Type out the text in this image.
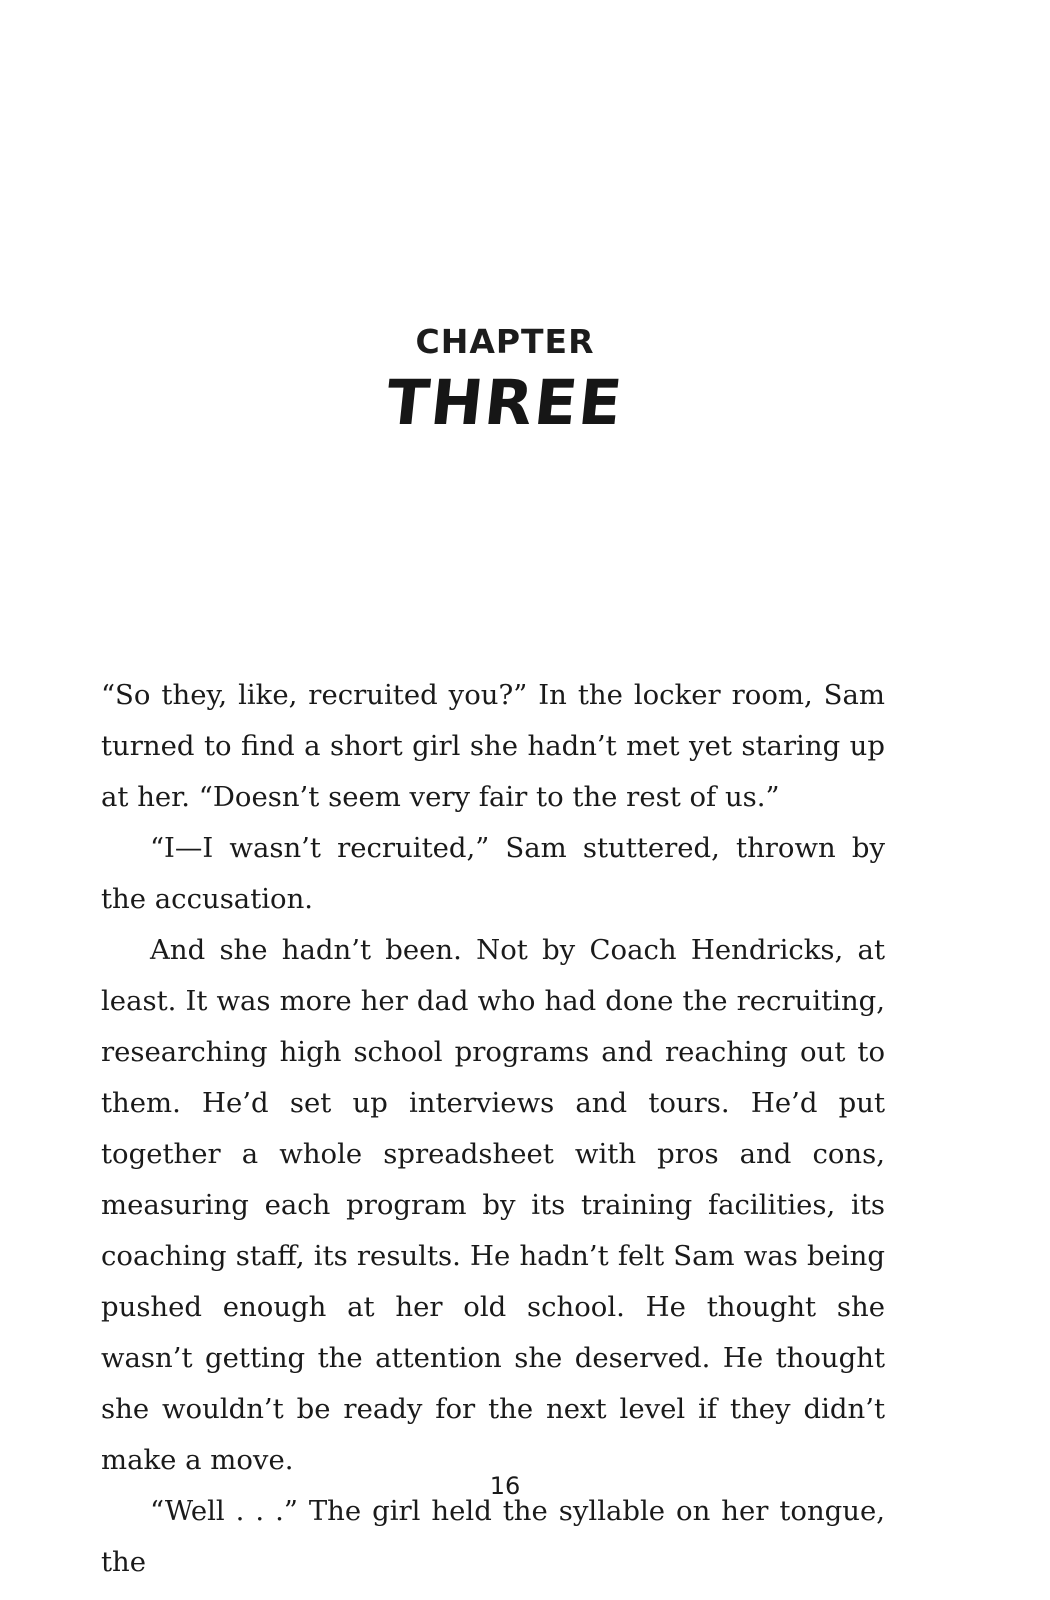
CHAPTER
THREE

“So they, like, recruited you?” In the locker room, Sam turned to find a short girl she hadn’t met yet staring up at her. “Doesn’t seem very fair to the rest of us.”

“I—I wasn’t recruited,” Sam stuttered, thrown by the accusation.

And she hadn’t been. Not by Coach Hendricks, at least. It was more her dad who had done the recruiting, researching high school programs and reaching out to them. He’d set up interviews and tours. He’d put together a whole spreadsheet with pros and cons, measuring each program by its training facilities, its coaching staff, its results. He hadn’t felt Sam was being pushed enough at her old school. He thought she wasn’t getting the attention she deserved. He thought she wouldn’t be ready for the next level if they didn’t make a move.

“Well . . .” The girl held the syllable on her tongue, the

16
